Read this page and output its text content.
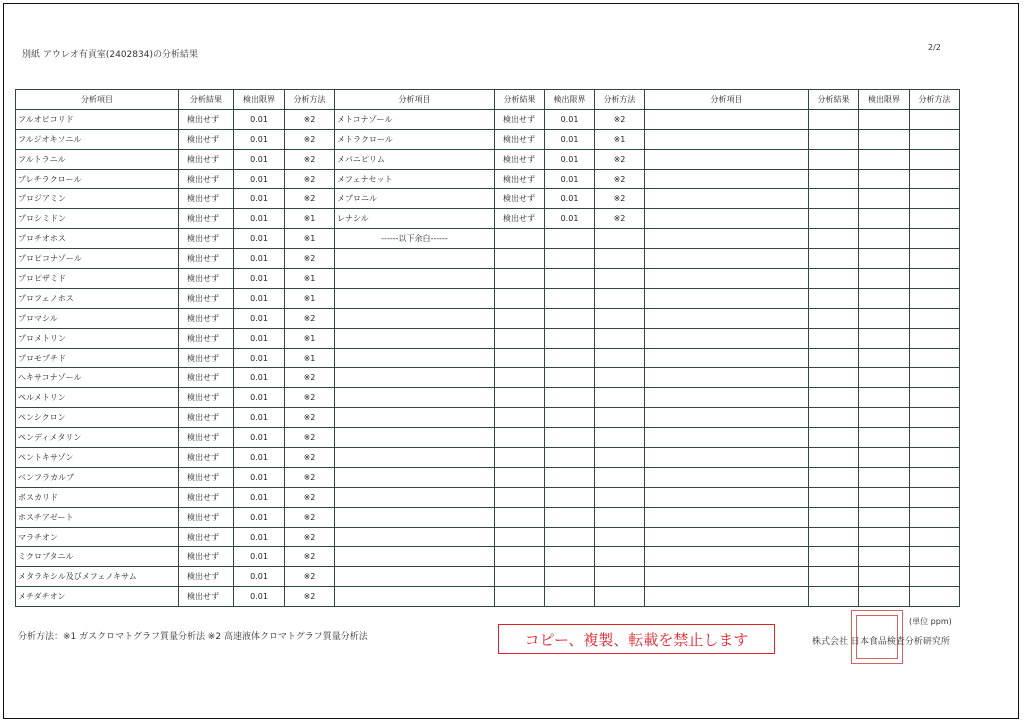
別紙 アウレオ有貢室(2402834)の分析結果
2/2
分析項目	分析結果	検出限界	分析方法	分析項目	分析結果	検出限界	分析方法	分析項目	分析結果	検出限界	分析方法
フルオピコリド	検出せず	0.01	※2	メトコナゾール	検出せず	0.01	※2				
フルジオキソニル	検出せず	0.01	※2	メトラクロール	検出せず	0.01	※1				
フルトラニル	検出せず	0.01	※2	メパニピリム	検出せず	0.01	※2				
プレチラクロール	検出せず	0.01	※2	メフェナセット	検出せず	0.01	※2				
プロジアミン	検出せず	0.01	※2	メプロニル	検出せず	0.01	※2				
プロシミドン	検出せず	0.01	※1	レナシル	検出せず	0.01	※2				
プロチオホス	検出せず	0.01	※1	------以下余白------							
プロピコナゾール	検出せず	0.01	※2								
プロピザミド	検出せず	0.01	※1								
プロフェノホス	検出せず	0.01	※1								
プロマシル	検出せず	0.01	※2								
プロメトリン	検出せず	0.01	※1								
プロモプチド	検出せず	0.01	※1								
ヘキサコナゾール	検出せず	0.01	※2								
ペルメトリン	検出せず	0.01	※2								
ペンシクロン	検出せず	0.01	※2								
ペンディメタリン	検出せず	0.01	※2								
ペントキサゾン	検出せず	0.01	※2								
ベンフラカルブ	検出せず	0.01	※2								
ボスカリド	検出せず	0.01	※2								
ホスチアゼート	検出せず	0.01	※2								
マラチオン	検出せず	0.01	※2								
ミクロブタニル	検出せず	0.01	※2								
メタラキシル及びメフェノキサム	検出せず	0.01	※2								
メチダチオン	検出せず	0.01	※2								
分析方法：※1 ガスクロマトグラフ質量分析法 ※2 高速液体クロマトグラフ質量分析法	コピー、複製、転載を禁止します
(単位 ppm)
株式会社 日本食品検査分析研究所
